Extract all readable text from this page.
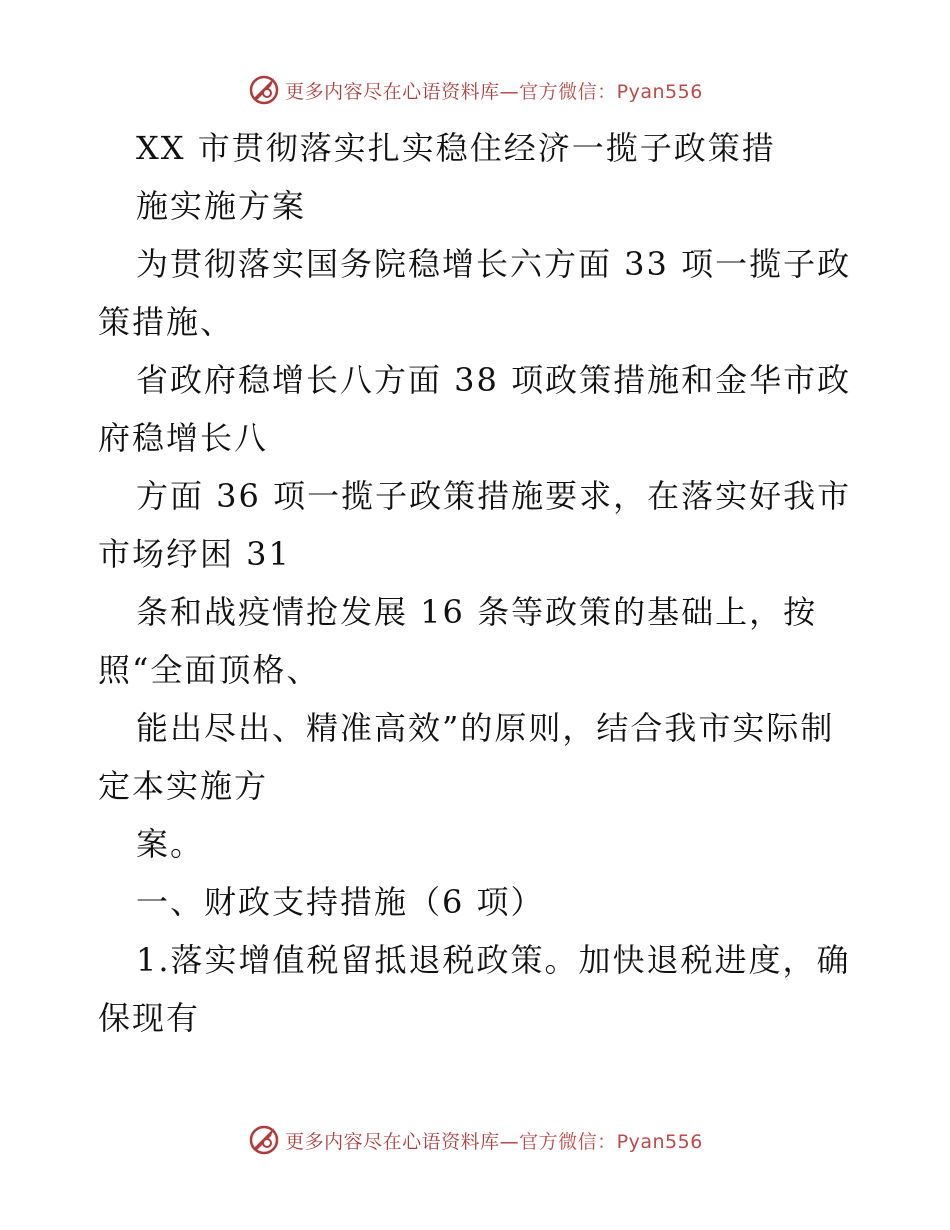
更多内容尽在心语资料库—官方微信：Pyan556
XX 市贯彻落实扎实稳住经济一揽子政策措
施实施方案
为贯彻落实国务院稳增长六方面 33 项一揽子政
策措施、
省政府稳增长八方面 38 项政策措施和金华市政
府稳增长八
方面 36 项一揽子政策措施要求，在落实好我市
市场纾困 31
条和战疫情抢发展 16 条等政策的基础上，按
照“全面顶格、
能出尽出、精准高效”的原则，结合我市实际制
定本实施方
案。
一、财政支持措施（6 项）
1.落实增值税留抵退税政策。加快退税进度，确
保现有
更多内容尽在心语资料库—官方微信：Pyan556
